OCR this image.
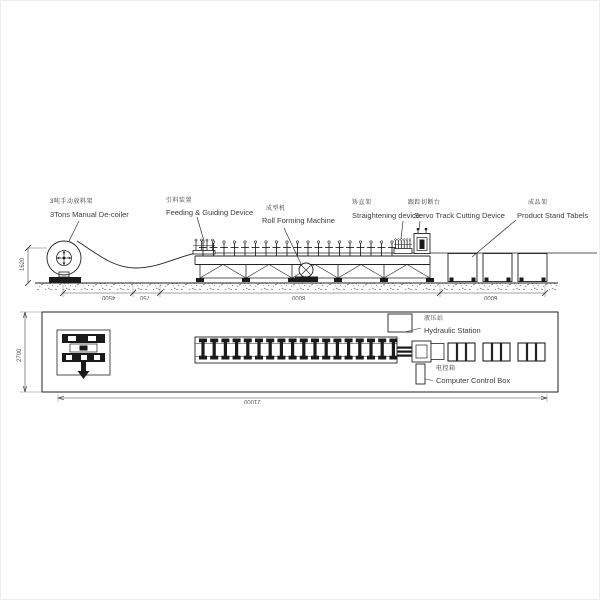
3吨手动放料架
3Tons Manual De-coiler
引料装置
Feeding & Guiding Device 成型机
Roll Forming Machine
矫直架	跟踪切断台
Straightening device
Servo Track Cutting Device
成品架
Product Stand Tabels
4500	750	8000	6000
1620
液压站
Hydraulic Station
电控箱
Computer Control Box
2700
21000
